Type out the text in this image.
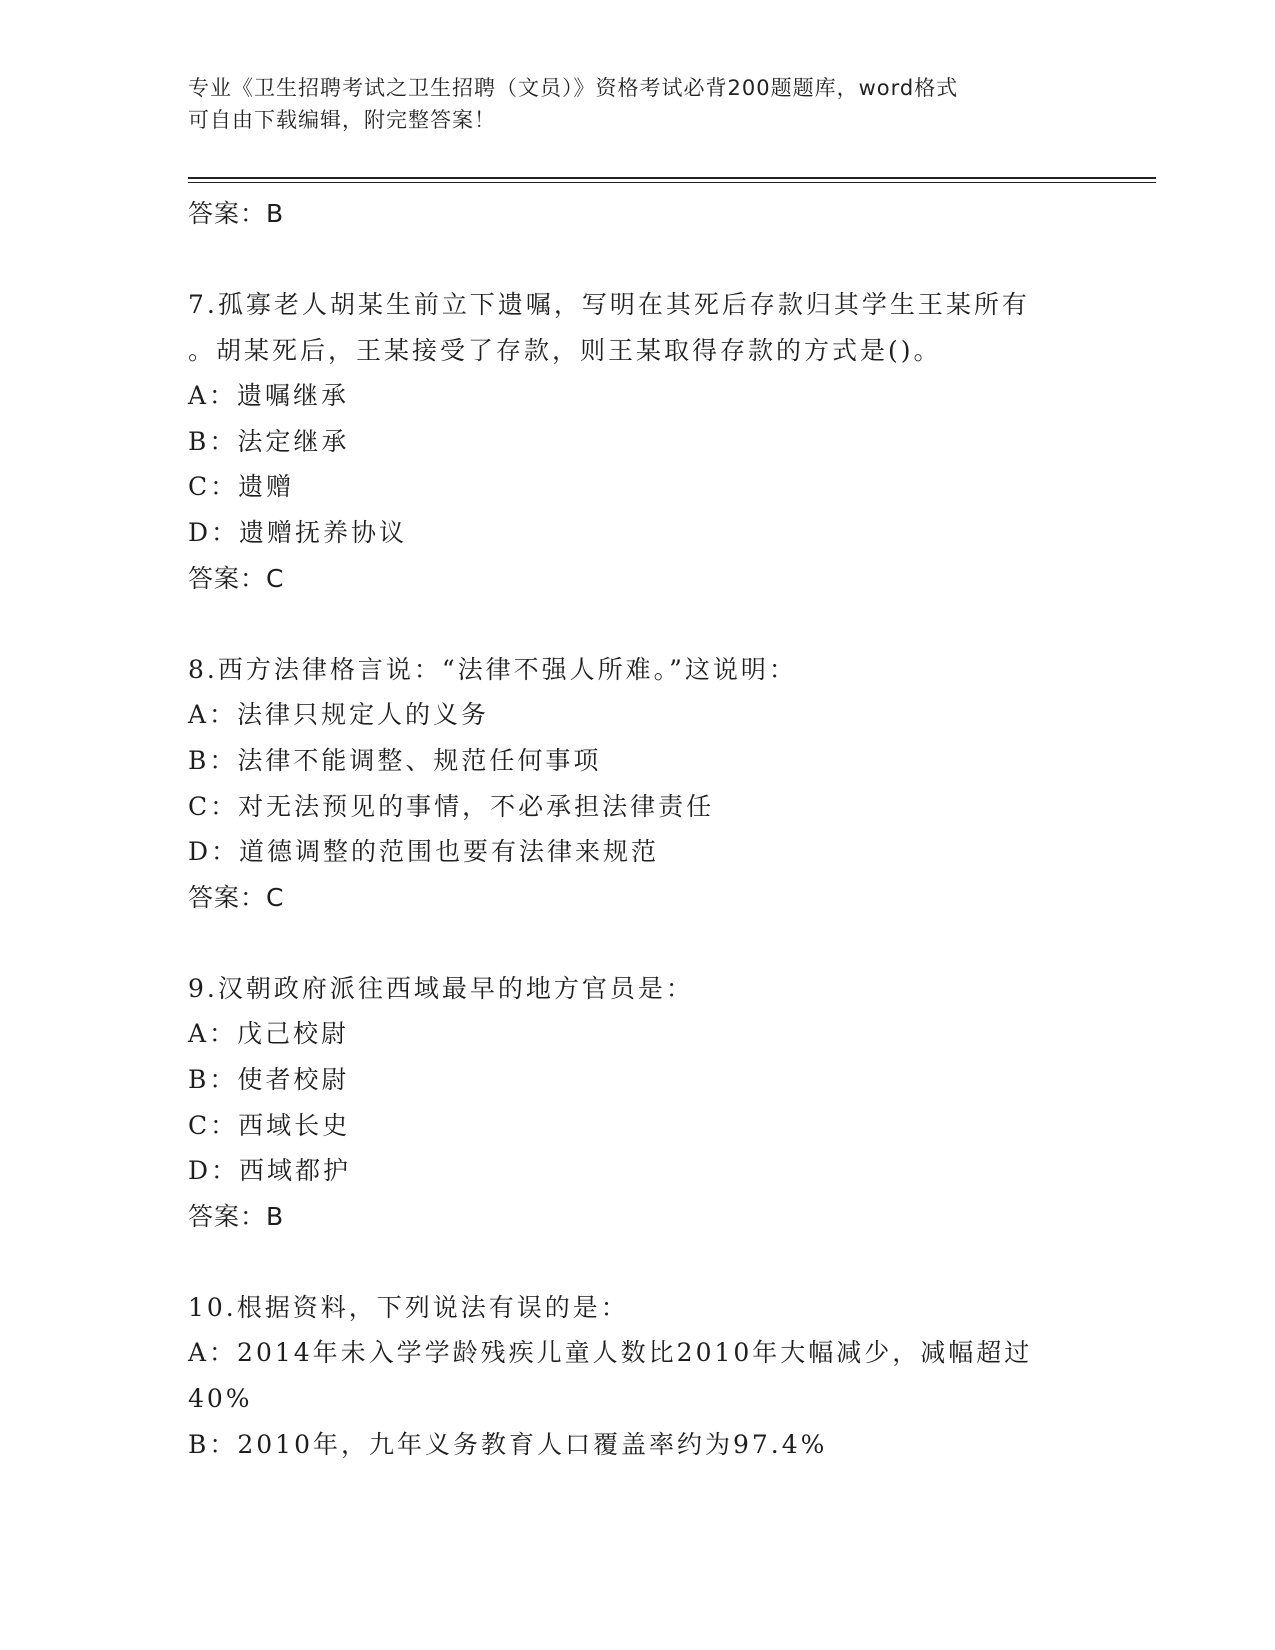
专业《卫生招聘考试之卫生招聘（文员）》资格考试必背200题题库，word格式
可自由下载编辑，附完整答案！
答案：B
7.孤寡老人胡某生前立下遗嘱，写明在其死后存款归其学生王某所有
。胡某死后，王某接受了存款，则王某取得存款的方式是()。
A：遗嘱继承
B：法定继承
C：遗赠
D：遗赠抚养协议
答案：C
8.西方法律格言说：“法律不强人所难。”这说明：
A：法律只规定人的义务
B：法律不能调整、规范任何事项
C：对无法预见的事情，不必承担法律责任
D：道德调整的范围也要有法律来规范
答案：C
9.汉朝政府派往西域最早的地方官员是：
A：戊己校尉
B：使者校尉
C：西域长史
D：西域都护
答案：B
10.根据资料，下列说法有误的是：
A：2014年未入学学龄残疾儿童人数比2010年大幅减少，减幅超过
40%
B：2010年，九年义务教育人口覆盖率约为97.4%
